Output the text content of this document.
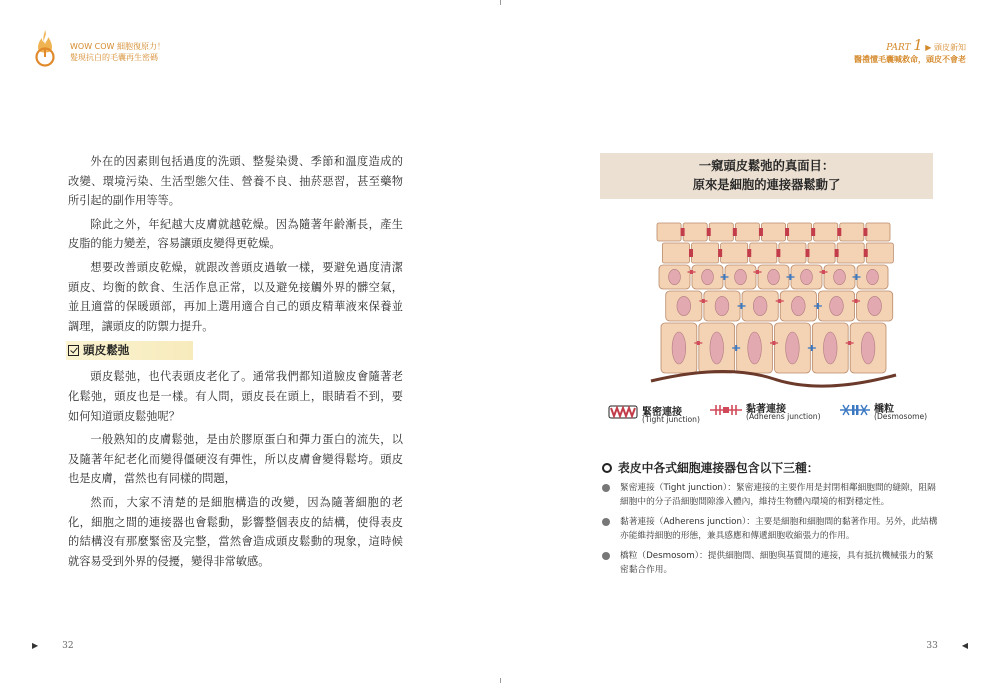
WOW COW 細胞復原力！
髮現抗白的毛囊再生密碼

外在的因素則包括過度的洗頭、整髮染燙、季節和溫度造成的改變、環境污染、生活型態欠佳、營養不良、抽菸惡習，甚至藥物所引起的副作用等等。

除此之外，年紀越大皮膚就越乾燥。因為隨著年齡漸長，產生皮脂的能力變差，容易讓頭皮變得更乾燥。

想要改善頭皮乾燥，就跟改善頭皮過敏一樣，要避免過度清潔頭皮、均衡的飲食、生活作息正常，以及避免接觸外界的髒空氣，並且適當的保暖頭部，再加上選用適合自己的頭皮精華液來保養並調理，讓頭皮的防禦力提升。

頭皮鬆弛

頭皮鬆弛，也代表頭皮老化了。通常我們都知道臉皮會隨著老化鬆弛，頭皮也是一樣。有人問，頭皮長在頭上，眼睛看不到，要如何知道頭皮鬆弛呢？

一般熟知的皮膚鬆弛，是由於膠原蛋白和彈力蛋白的流失，以及隨著年紀老化而變得僵硬沒有彈性，所以皮膚會變得鬆垮。頭皮也是皮膚，當然也有同樣的問題，

然而，大家不清楚的是細胞構造的改變，因為隨著細胞的老化，細胞之間的連接器也會鬆動，影響整個表皮的結構，使得表皮的結構沒有那麼緊密及完整，當然會造成頭皮鬆動的現象，這時候就容易受到外界的侵擾，變得非常敏感。

▶	32
PART 1 ▶ 頭皮新知
醫禮懂毛囊喊救命，頭皮不會老
一窺頭皮鬆弛的真面目：
原來是細胞的連接器鬆動了
緊密連接
(Tight junction)
黏著連接
(Adherens junction)
橋粒
(Desmosome)
表皮中各式細胞連接器包含以下三種：
緊密連接（Tight junction）：緊密連接的主要作用是封閉相鄰細胞間的縫隙，阻隔細胞中的分子沿細胞間隙滲入體內，維持生物體內環境的相對穩定性。
黏著連接（Adherens junction）：主要是細胞和細胞間的黏著作用。另外，此結構亦能維持細胞的形態，兼具感應和傳遞細胞收縮張力的作用。
橋粒（Desmosom）：提供細胞間、細胞與基質間的連接，具有抵抗機械張力的緊密黏合作用。
33	◀
